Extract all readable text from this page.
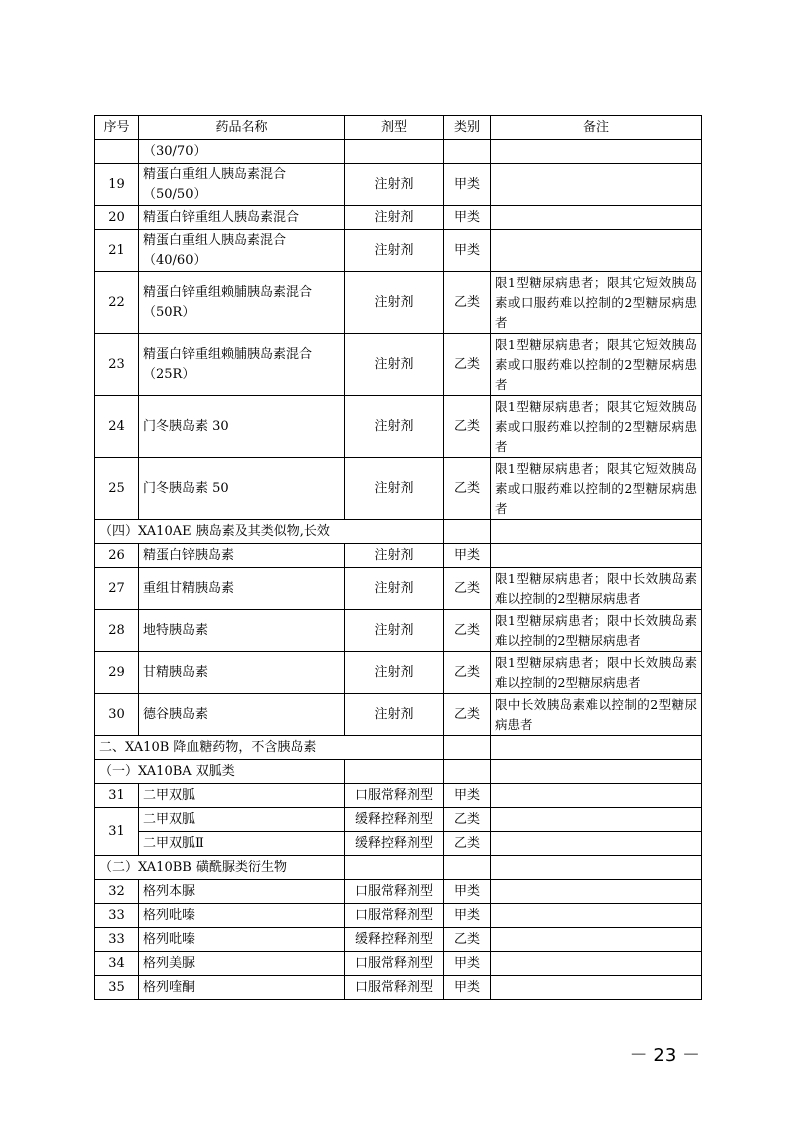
序号	药品名称	剂型	类别	备注
	（30/70）			
19	精蛋白重组人胰岛素混合（50/50）	注射剂	甲类	
20	精蛋白锌重组人胰岛素混合	注射剂	甲类	
21	精蛋白重组人胰岛素混合（40/60）	注射剂	甲类	
22	精蛋白锌重组赖脯胰岛素混合（50R）	注射剂	乙类	限1型糖尿病患者；限其它短效胰岛素或口服药难以控制的2型糖尿病患者
23	精蛋白锌重组赖脯胰岛素混合（25R）	注射剂	乙类	限1型糖尿病患者；限其它短效胰岛素或口服药难以控制的2型糖尿病患者
24	门冬胰岛素 30	注射剂	乙类	限1型糖尿病患者；限其它短效胰岛素或口服药难以控制的2型糖尿病患者
25	门冬胰岛素 50	注射剂	乙类	限1型糖尿病患者；限其它短效胰岛素或口服药难以控制的2型糖尿病患者
（四）XA10AE 胰岛素及其类似物,长效				
26	精蛋白锌胰岛素	注射剂	甲类	
27	重组甘精胰岛素	注射剂	乙类	限1型糖尿病患者；限中长效胰岛素难以控制的2型糖尿病患者
28	地特胰岛素	注射剂	乙类	限1型糖尿病患者；限中长效胰岛素难以控制的2型糖尿病患者
29	甘精胰岛素	注射剂	乙类	限1型糖尿病患者；限中长效胰岛素难以控制的2型糖尿病患者
30	德谷胰岛素	注射剂	乙类	限中长效胰岛素难以控制的2型糖尿病患者
二、XA10B 降血糖药物，不含胰岛素				
（一）XA10BA 双胍类				
31	二甲双胍	口服常释剂型	甲类	
31	二甲双胍	缓释控释剂型	乙类	
	二甲双胍Ⅱ	缓释控释剂型	乙类	
（二）XA10BB 磺酰脲类衍生物				
32	格列本脲	口服常释剂型	甲类	
33	格列吡嗪	口服常释剂型	甲类	
33	格列吡嗪	缓释控释剂型	乙类	
34	格列美脲	口服常释剂型	甲类	
35	格列喹酮	口服常释剂型	甲类	
－ 23 －
